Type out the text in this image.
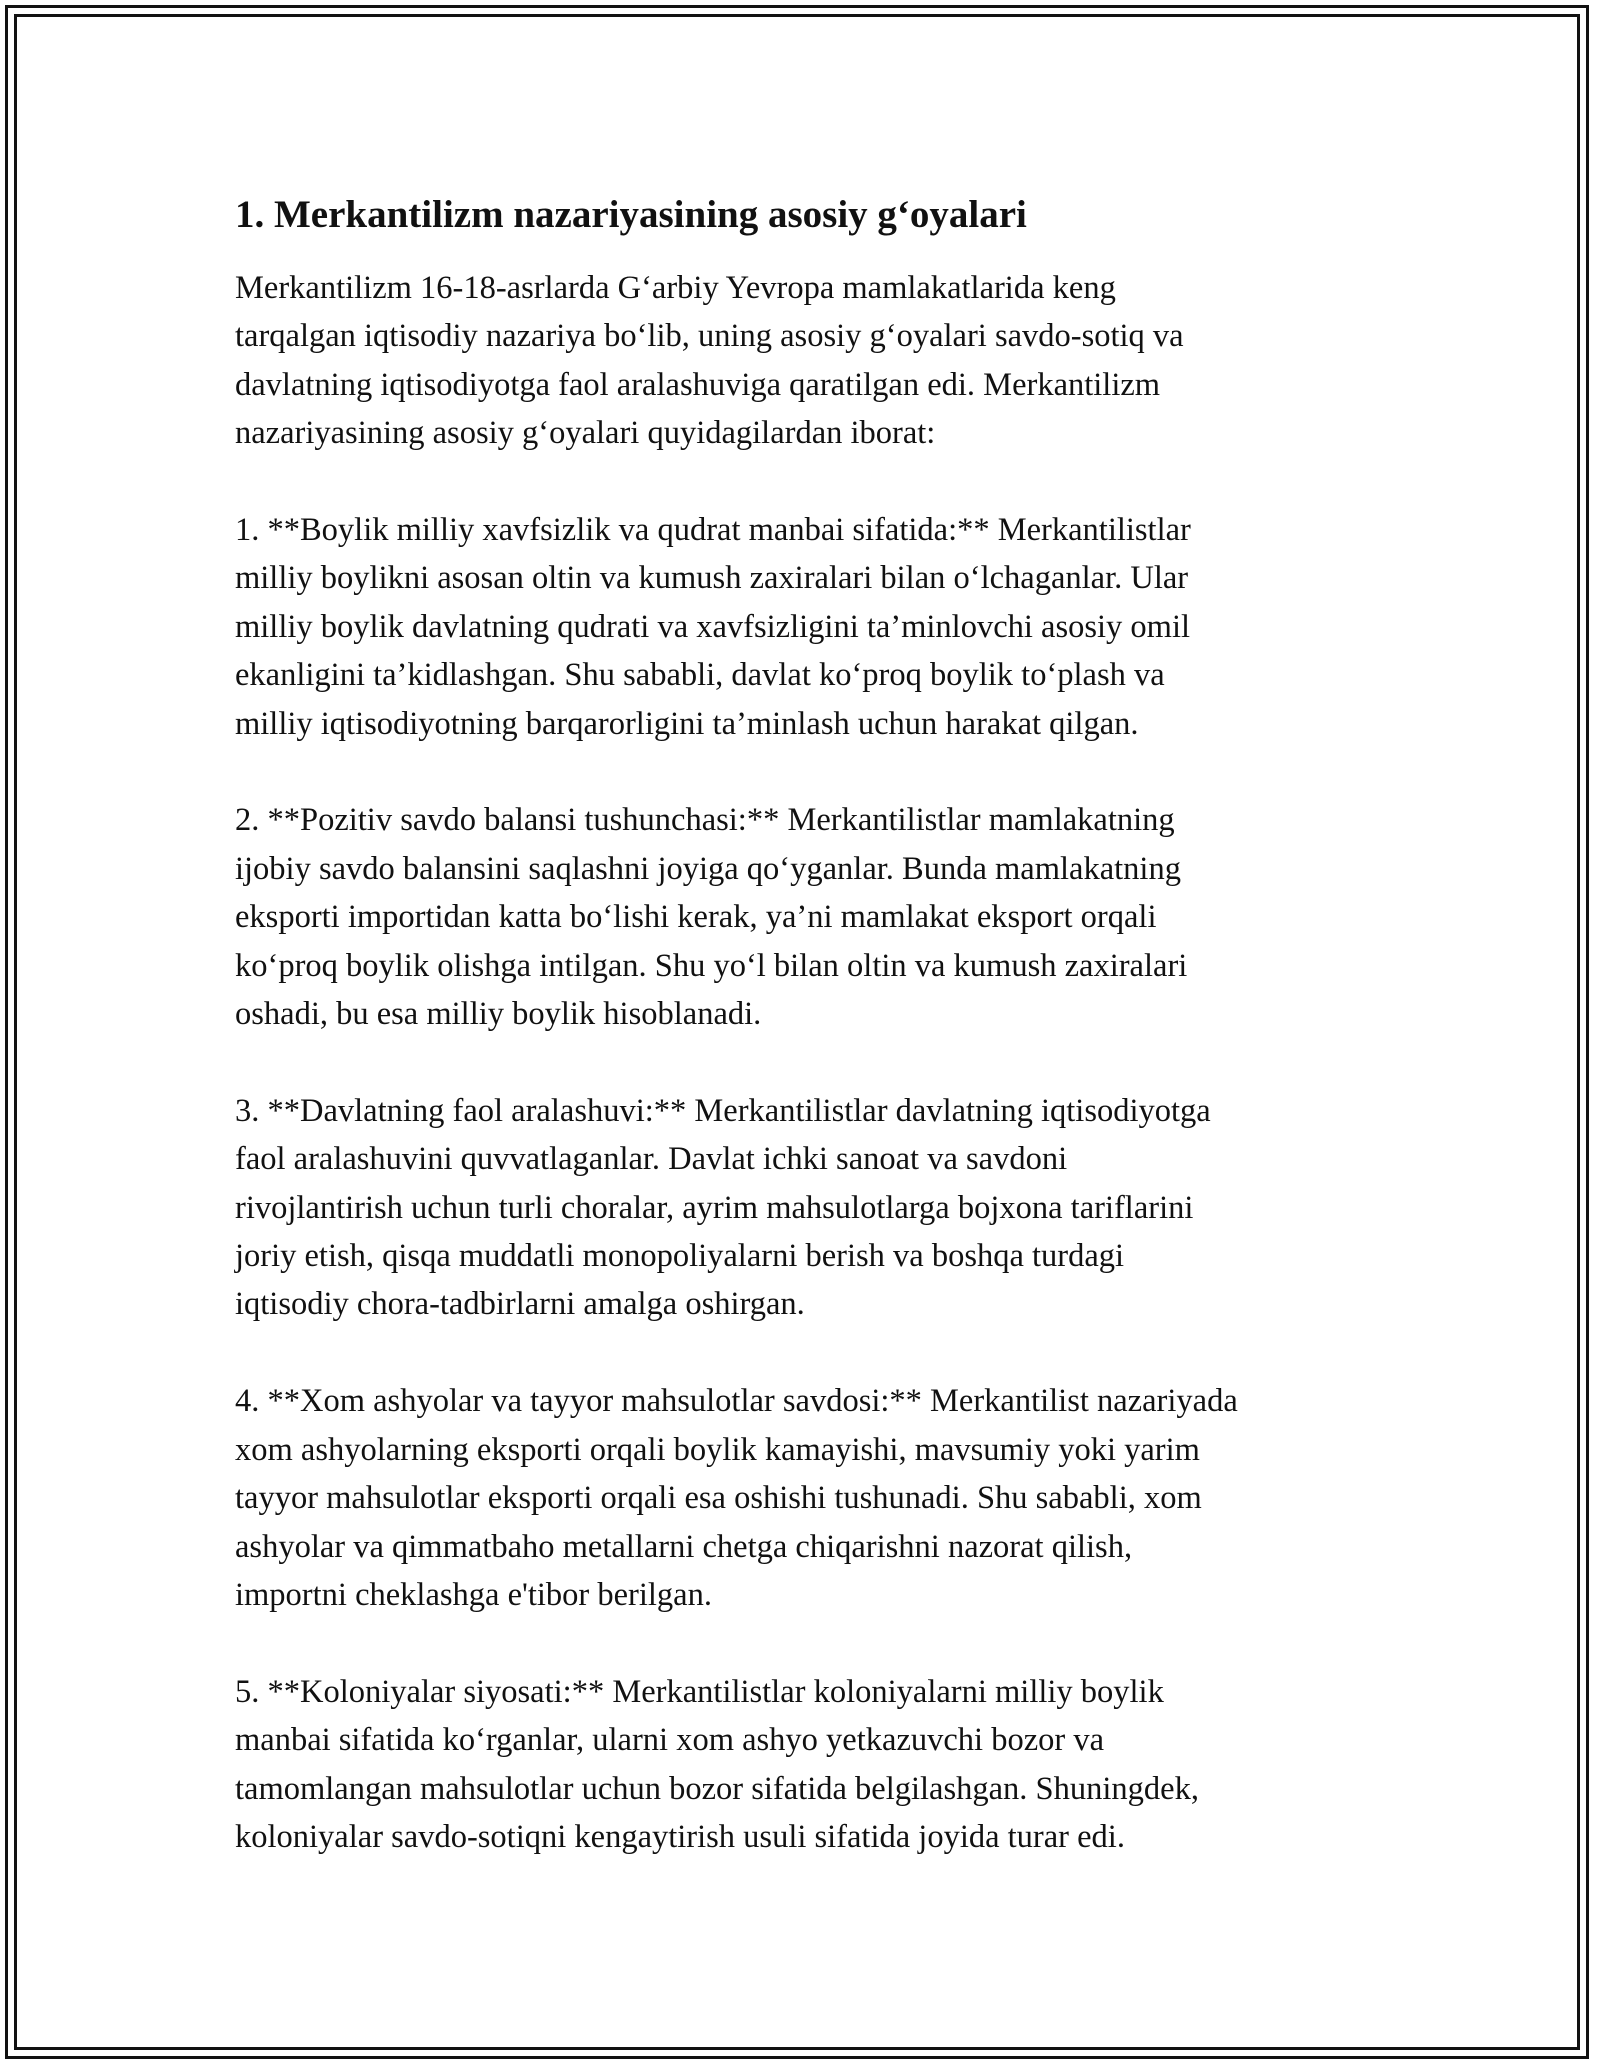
1. Merkantilizm nazariyasining asosiy g‘oyalari

Merkantilizm 16-18-asrlarda G‘arbiy Yevropa mamlakatlarida keng
tarqalgan iqtisodiy nazariya bo‘lib, uning asosiy g‘oyalari savdo-sotiq va
davlatning iqtisodiyotga faol aralashuviga qaratilgan edi. Merkantilizm
nazariyasining asosiy g‘oyalari quyidagilardan iborat:

1. **Boylik milliy xavfsizlik va qudrat manbai sifatida:** Merkantilistlar
milliy boylikni asosan oltin va kumush zaxiralari bilan o‘lchaganlar. Ular
milliy boylik davlatning qudrati va xavfsizligini ta’minlovchi asosiy omil
ekanligini ta’kidlashgan. Shu sababli, davlat ko‘proq boylik to‘plash va
milliy iqtisodiyotning barqarorligini ta’minlash uchun harakat qilgan.

2. **Pozitiv savdo balansi tushunchasi:** Merkantilistlar mamlakatning
ijobiy savdo balansini saqlashni joyiga qo‘yganlar. Bunda mamlakatning
eksporti importidan katta bo‘lishi kerak, ya’ni mamlakat eksport orqali
ko‘proq boylik olishga intilgan. Shu yo‘l bilan oltin va kumush zaxiralari
oshadi, bu esa milliy boylik hisoblanadi.

3. **Davlatning faol aralashuvi:** Merkantilistlar davlatning iqtisodiyotga
faol aralashuvini quvvatlaganlar. Davlat ichki sanoat va savdoni
rivojlantirish uchun turli choralar, ayrim mahsulotlarga bojxona tariflarini
joriy etish, qisqa muddatli monopoliyalarni berish va boshqa turdagi
iqtisodiy chora-tadbirlarni amalga oshirgan.

4. **Xom ashyolar va tayyor mahsulotlar savdosi:** Merkantilist nazariyada
xom ashyolarning eksporti orqali boylik kamayishi, mavsumiy yoki yarim
tayyor mahsulotlar eksporti orqali esa oshishi tushunadi. Shu sababli, xom
ashyolar va qimmatbaho metallarni chetga chiqarishni nazorat qilish,
importni cheklashga e'tibor berilgan.

5. **Koloniyalar siyosati:** Merkantilistlar koloniyalarni milliy boylik
manbai sifatida ko‘rganlar, ularni xom ashyo yetkazuvchi bozor va
tamomlangan mahsulotlar uchun bozor sifatida belgilashgan. Shuningdek,
koloniyalar savdo-sotiqni kengaytirish usuli sifatida joyida turar edi.
